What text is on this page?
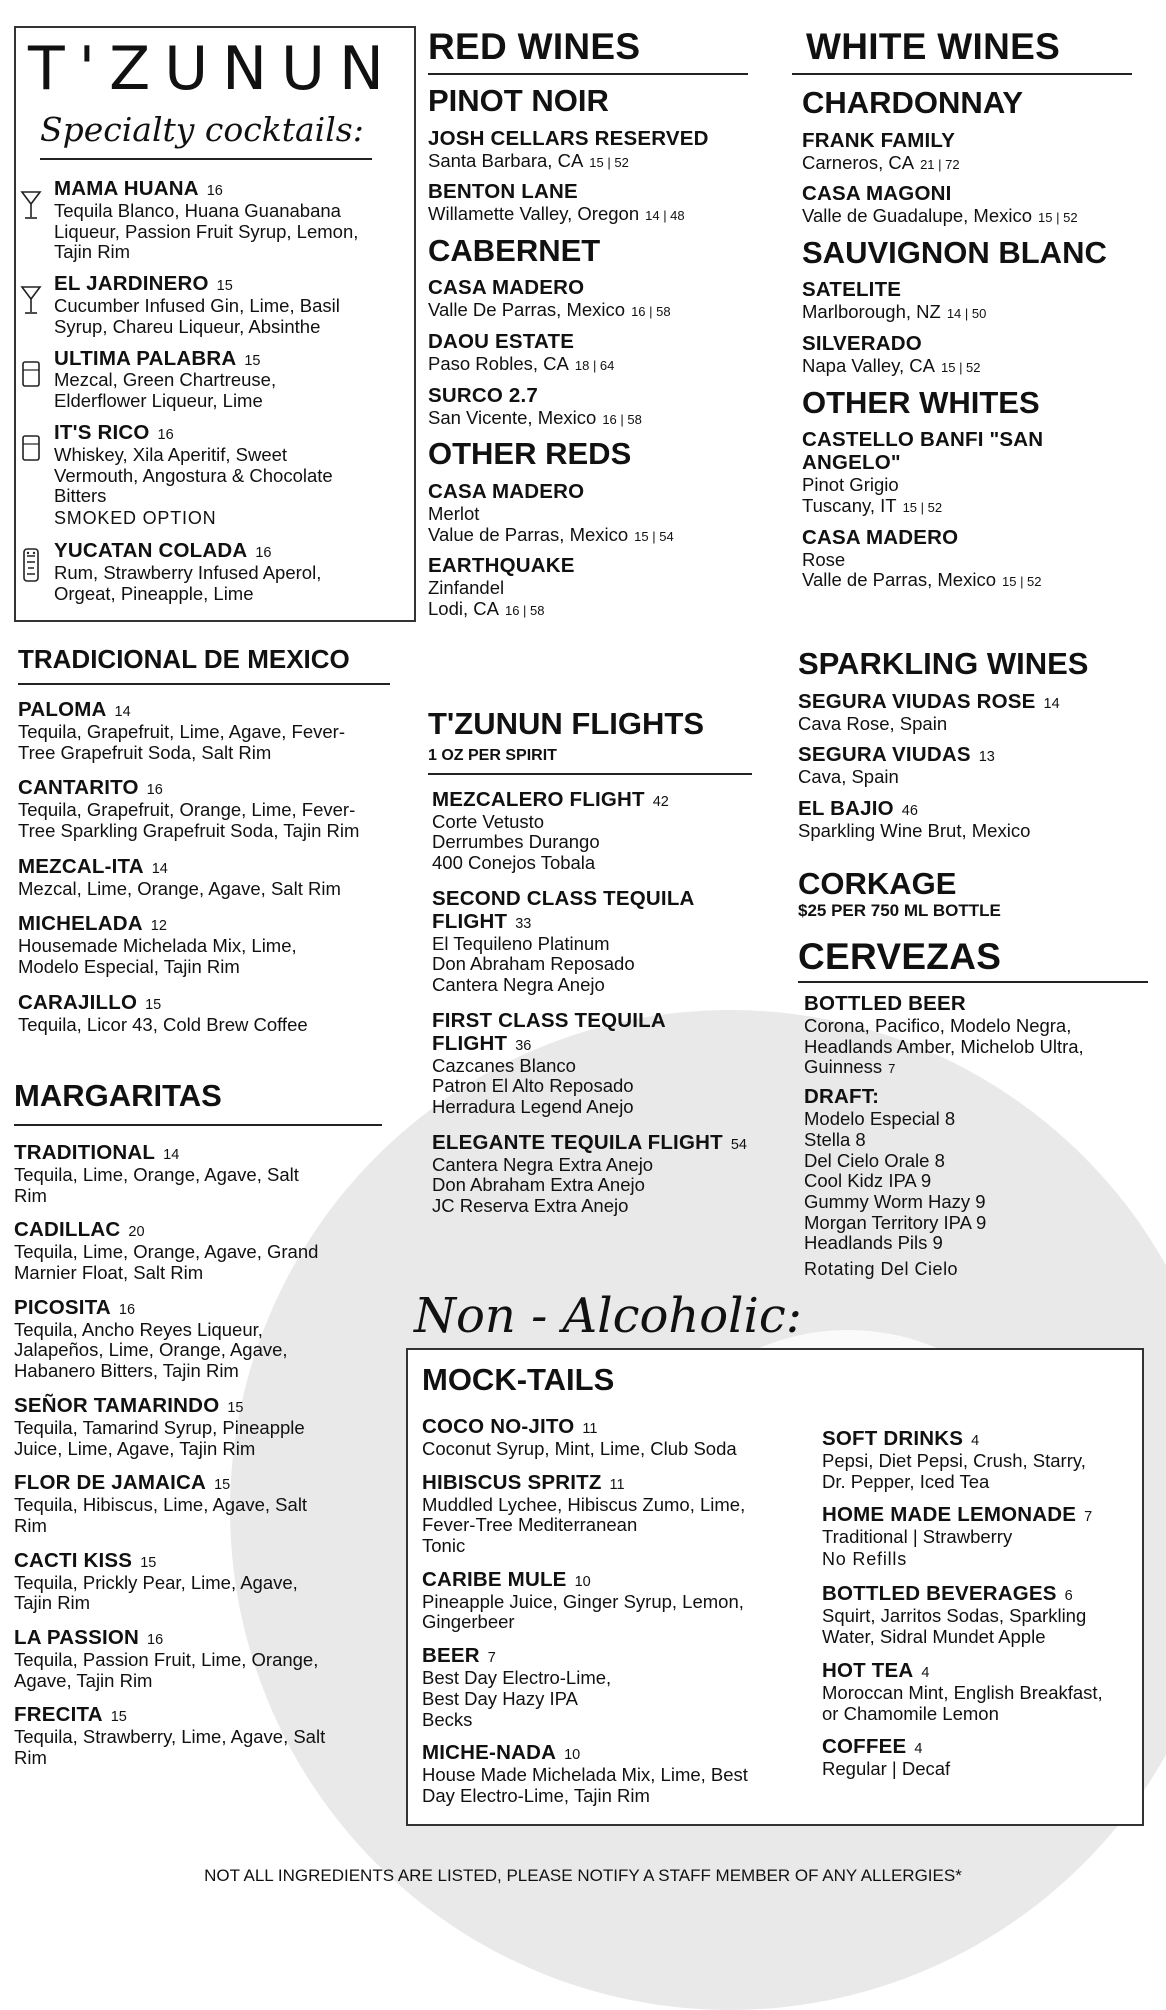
T'ZUNUN
Specialty cocktails:
MAMA HUANA 16
Tequila Blanco, Huana Guanabana
Liqueur, Passion Fruit Syrup, Lemon,
Tajin Rim
EL JARDINERO 15
Cucumber Infused Gin, Lime, Basil
Syrup, Chareu Liqueur, Absinthe
ULTIMA PALABRA 15
Mezcal, Green Chartreuse,
Elderflower Liqueur, Lime
IT'S RICO 16
Whiskey, Xila Aperitif, Sweet
Vermouth, Angostura & Chocolate
Bitters
SMOKED OPTION
YUCATAN COLADA 16
Rum, Strawberry Infused Aperol,
Orgeat, Pineapple, Lime
TRADICIONAL DE MEXICO
PALOMA 14
Tequila, Grapefruit, Lime, Agave, Fever-
Tree Grapefruit Soda, Salt Rim
CANTARITO 16
Tequila, Grapefruit, Orange, Lime, Fever-
Tree Sparkling Grapefruit Soda, Tajin Rim
MEZCAL-ITA 14
Mezcal, Lime, Orange, Agave, Salt Rim
MICHELADA 12
Housemade Michelada Mix, Lime,
Modelo Especial, Tajin Rim
CARAJILLO 15
Tequila, Licor 43, Cold Brew Coffee
MARGARITAS
TRADITIONAL 14
Tequila, Lime, Orange, Agave, Salt
Rim
CADILLAC 20
Tequila, Lime, Orange, Agave, Grand
Marnier Float, Salt Rim
PICOSITA 16
Tequila, Ancho Reyes Liqueur,
Jalapeños, Lime, Orange, Agave,
Habanero Bitters, Tajin Rim
SEÑOR TAMARINDO 15
Tequila, Tamarind Syrup, Pineapple
Juice, Lime, Agave, Tajin Rim
FLOR DE JAMAICA 15
Tequila, Hibiscus, Lime, Agave, Salt
Rim
CACTI KISS 15
Tequila, Prickly Pear, Lime, Agave,
Tajin Rim
LA PASSION 16
Tequila, Passion Fruit, Lime, Orange,
Agave, Tajin Rim
FRECITA 15
Tequila, Strawberry, Lime, Agave, Salt
Rim
RED WINES
PINOT NOIR
JOSH CELLARS RESERVED
Santa Barbara, CA 15 | 52
BENTON LANE
Willamette Valley, Oregon 14 | 48
CABERNET
CASA MADERO
Valle De Parras, Mexico 16 | 58
DAOU ESTATE
Paso Robles, CA 18 | 64
SURCO 2.7
San Vicente, Mexico 16 | 58
OTHER REDS
CASA MADERO
Merlot
Value de Parras, Mexico 15 | 54
EARTHQUAKE
Zinfandel
Lodi, CA 16 | 58
T'ZUNUN FLIGHTS
1 OZ PER SPIRIT
MEZCALERO FLIGHT 42
Corte Vetusto
Derrumbes Durango
400 Conejos Tobala
SECOND CLASS TEQUILA
FLIGHT 33
El Tequileno Platinum
Don Abraham Reposado
Cantera Negra Anejo
FIRST CLASS TEQUILA
FLIGHT 36
Cazcanes Blanco
Patron El Alto Reposado
Herradura Legend Anejo
ELEGANTE TEQUILA FLIGHT 54
Cantera Negra Extra Anejo
Don Abraham Extra Anejo
JC Reserva Extra Anejo
WHITE WINES
CHARDONNAY
FRANK FAMILY
Carneros, CA 21 | 72
CASA MAGONI
Valle de Guadalupe, Mexico 15 | 52
SAUVIGNON BLANC
SATELITE
Marlborough, NZ 14 | 50
SILVERADO
Napa Valley, CA 15 | 52
OTHER WHITES
CASTELLO BANFI "SAN
ANGELO"
Pinot Grigio
Tuscany, IT 15 | 52
CASA MADERO
Rose
Valle de Parras, Mexico 15 | 52
SPARKLING WINES
SEGURA VIUDAS ROSE 14
Cava Rose, Spain
SEGURA VIUDAS 13
Cava, Spain
EL BAJIO 46
Sparkling Wine Brut, Mexico
CORKAGE
$25 PER 750 ML BOTTLE
CERVEZAS
BOTTLED BEER
Corona, Pacifico, Modelo Negra,
Headlands Amber, Michelob Ultra,
Guinness 7
DRAFT:
Modelo Especial 8
Stella 8
Del Cielo Orale 8
Cool Kidz IPA 9
Gummy Worm Hazy 9
Morgan Territory IPA 9
Headlands Pils 9
Rotating Del Cielo
Non - Alcoholic:
MOCK-TAILS
COCO NO-JITO 11
Coconut Syrup, Mint, Lime, Club Soda
HIBISCUS SPRITZ 11
Muddled Lychee, Hibiscus Zumo, Lime,
Fever-Tree Mediterranean
Tonic
CARIBE MULE 10
Pineapple Juice, Ginger Syrup, Lemon,
Gingerbeer
BEER 7
Best Day Electro-Lime,
Best Day Hazy IPA
Becks
MICHE-NADA 10
House Made Michelada Mix, Lime, Best
Day Electro-Lime, Tajin Rim
SOFT DRINKS 4
Pepsi, Diet Pepsi, Crush, Starry,
Dr. Pepper, Iced Tea
HOME MADE LEMONADE 7
Traditional | Strawberry
No Refills
BOTTLED BEVERAGES 6
Squirt, Jarritos Sodas, Sparkling
Water, Sidral Mundet Apple
HOT TEA 4
Moroccan Mint, English Breakfast,
or Chamomile Lemon
COFFEE 4
Regular | Decaf
NOT ALL INGREDIENTS ARE LISTED, PLEASE NOTIFY A STAFF MEMBER OF ANY ALLERGIES*
